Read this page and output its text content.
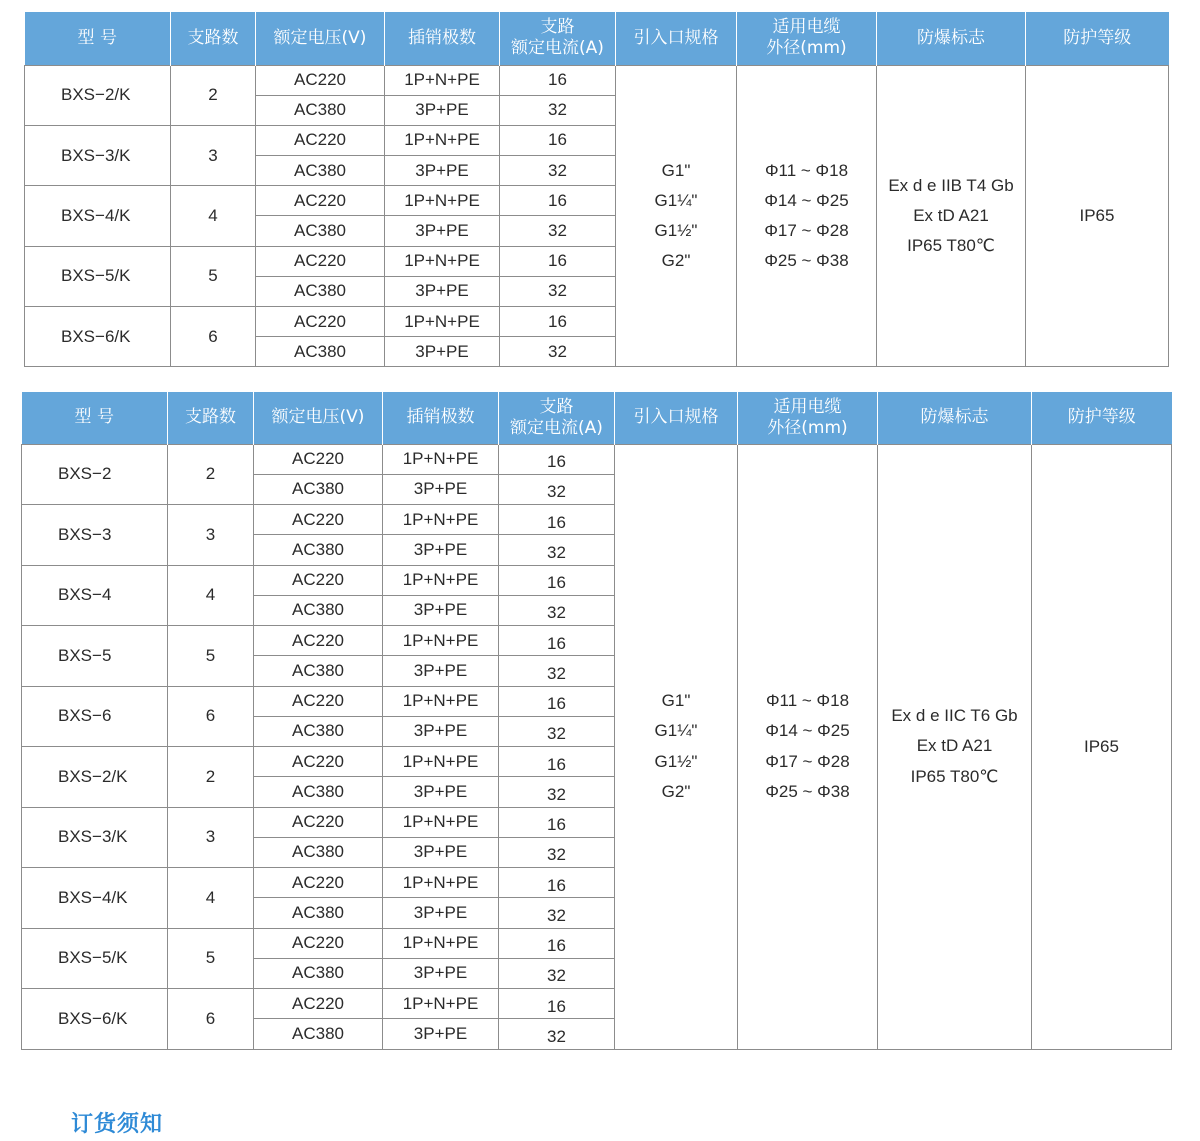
型 号	支路数	额定电压(V)	插销极数	支路
额定电流(A)	引入口规格	适用电缆
外径(mm)	防爆标志	防护等级

BXS−2/K	2	AC220	1P+N+PE	16	G1"
G1¼"
G1½"
G2"	Φ11 ~ Φ18
Φ14 ~ Φ25
Φ17 ~ Φ28
Φ25 ~ Φ38	Ex d e IIB T4 Gb
Ex tD A21
IP65 T80℃	IP65
		AC380	3P+PE	32				
BXS−3/K	3	AC220	1P+N+PE	16				
		AC380	3P+PE	32				
BXS−4/K	4	AC220	1P+N+PE	16				
		AC380	3P+PE	32				
BXS−5/K	5	AC220	1P+N+PE	16				
		AC380	3P+PE	32				
BXS−6/K	6	AC220	1P+N+PE	16				
		AC380	3P+PE	32				
型 号	支路数	额定电压(V)	插销极数	支路
额定电流(A)	引入口规格	适用电缆
外径(mm)	防爆标志	防护等级

BXS−2	2	AC220	1P+N+PE	16	G1"
G1¼"
G1½"
G2"	Φ11 ~ Φ18
Φ14 ~ Φ25
Φ17 ~ Φ28
Φ25 ~ Φ38	Ex d e IIC T6 Gb
Ex tD A21
IP65 T80℃	IP65
		AC380	3P+PE	32				
BXS−3	3	AC220	1P+N+PE	16				
		AC380	3P+PE	32				
BXS−4	4	AC220	1P+N+PE	16				
		AC380	3P+PE	32				
BXS−5	5	AC220	1P+N+PE	16				
		AC380	3P+PE	32				
BXS−6	6	AC220	1P+N+PE	16				
		AC380	3P+PE	32				
BXS−2/K	2	AC220	1P+N+PE	16				
		AC380	3P+PE	32				
BXS−3/K	3	AC220	1P+N+PE	16				
		AC380	3P+PE	32				
BXS−4/K	4	AC220	1P+N+PE	16				
		AC380	3P+PE	32				
BXS−5/K	5	AC220	1P+N+PE	16				
		AC380	3P+PE	32				
BXS−6/K	6	AC220	1P+N+PE	16				
		AC380	3P+PE	32				
订货须知
